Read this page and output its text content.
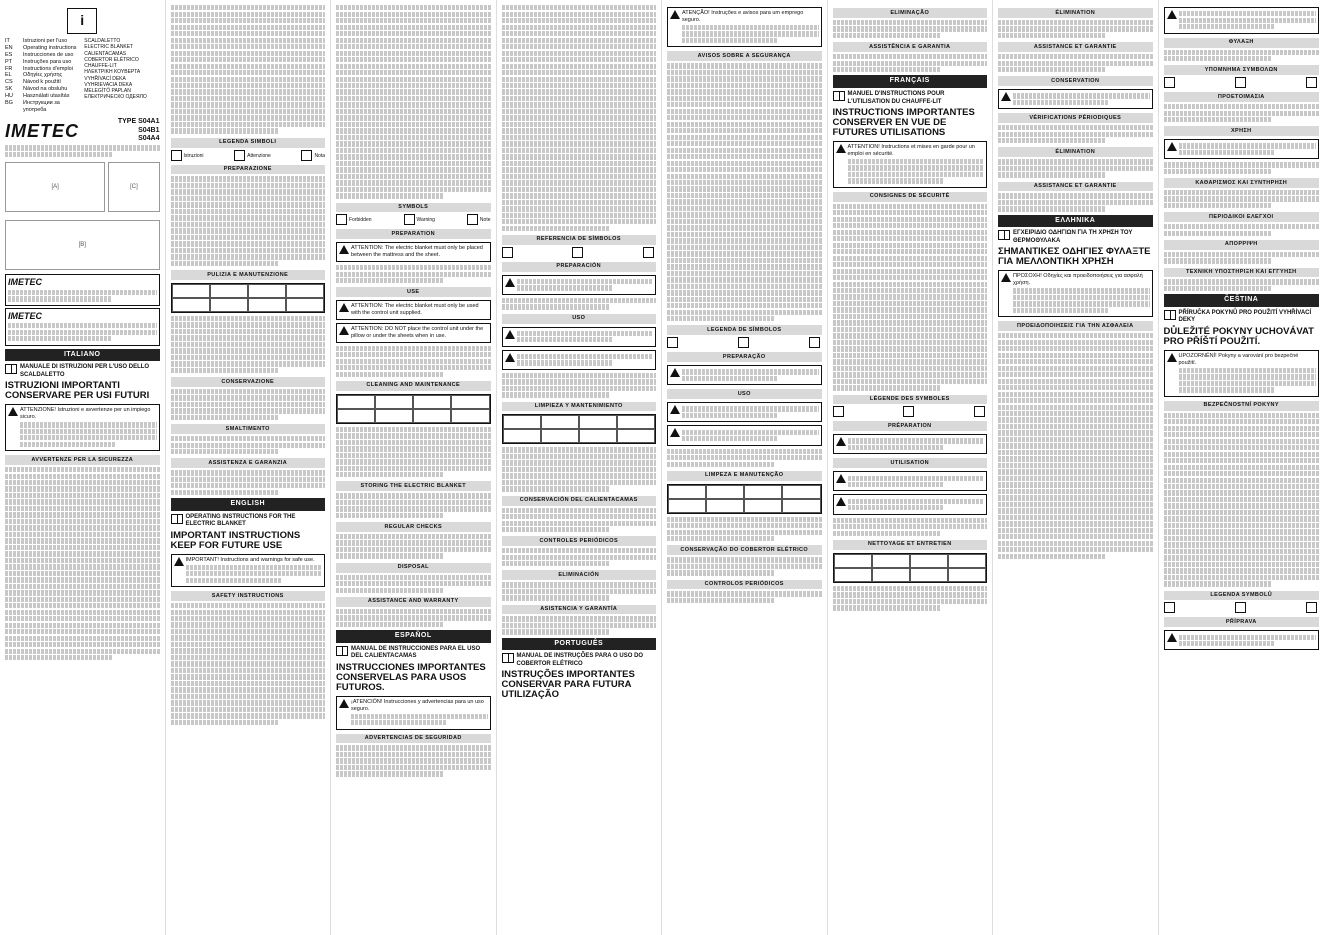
i
IT	Istruzioni per l'uso
EN	Operating instructions
ES	Instrucciones de uso
PT	Instruções para uso
FR	Instructions d'emploi
EL	Οδηγίες χρήσης
CS	Návod k použití
SK	Návod na obsluhu
HU	Használati utasítás
BG	Инструкции за употреба
SCALDALETTO
ELECTRIC BLANKET
CALIENTACAMAS
COBERTOR ELÉTRICO
CHAUFFE-LIT
ΗΛΕΚΤΡΙΚΗ ΚΟΥΒΕΡΤΑ
VYHŘÍVACÍ DEKA
VYHRIEVACIA DEKA
MELEGÍTŐ PAPLAN
ЕЛЕКТРИЧЕСКО ОДЕЯЛО
IMETEC	TYPE S04A1
S04B1
S04A4
[A]	[C]
[B]
IMETEC
IMETEC
ITALIANO
MANUALE DI ISTRUZIONI PER L'USO DELLO SCALDALETTO
ISTRUZIONI IMPORTANTI CONSERVARE PER USI FUTURI
ATTENZIONE! Istruzioni e avvertenze per un impiego sicuro.
AVVERTENZE PER LA SICUREZZA
LEGENDA SIMBOLI
Istruzioni	Attenzione	Nota
PREPARAZIONE
PULIZIA E MANUTENZIONE
CONSERVAZIONE
SMALTIMENTO
ASSISTENZA E GARANZIA
ENGLISH
OPERATING INSTRUCTIONS FOR THE ELECTRIC BLANKET
IMPORTANT INSTRUCTIONS KEEP FOR FUTURE USE
IMPORTANT! Instructions and warnings for safe use.
SAFETY INSTRUCTIONS
SYMBOLS
Forbidden	Warning	Note
PREPARATION
ATTENTION: The electric blanket must only be placed between the mattress and the sheet.
USE
ATTENTION: The electric blanket must only be used with the control unit supplied.
ATTENTION: DO NOT place the control unit under the pillow or under the sheets when in use.
CLEANING AND MAINTENANCE
STORING THE ELECTRIC BLANKET
REGULAR CHECKS
DISPOSAL
ASSISTANCE AND WARRANTY
ESPAÑOL
MANUAL DE INSTRUCCIONES PARA EL USO DEL CALIENTACAMAS
INSTRUCCIONES IMPORTANTES CONSERVELAS PARA USOS FUTUROS.
¡ATENCIÓN! Instrucciones y advertencias para un uso seguro.
ADVERTENCIAS DE SEGURIDAD
REFERENCIA DE SÍMBOLOS
PREPARACIÓN
USO
LIMPIEZA Y MANTENIMIENTO
CONSERVACIÓN DEL CALIENTACAMAS
CONTROLES PERIÓDICOS
ELIMINACIÓN
ASISTENCIA Y GARANTÍA
PORTUGUÊS
MANUAL DE INSTRUÇÕES PARA O USO DO COBERTOR ELÉTRICO
INSTRUÇÕES IMPORTANTES CONSERVAR PARA FUTURA UTILIZAÇÃO
ATENÇÃO! Instruções e avisos para um emprego seguro.
AVISOS SOBRE A SEGURANÇA
LEGENDA DE SÍMBOLOS
PREPARAÇÃO
USO
LIMPEZA E MANUTENÇÃO
CONSERVAÇÃO DO COBERTOR ELÉTRICO
CONTROLOS PERIÓDICOS
ELIMINAÇÃO
ASSISTÊNCIA E GARANTIA
FRANÇAIS
MANUEL D'INSTRUCTIONS POUR L'UTILISATION DU CHAUFFE-LIT
INSTRUCTIONS IMPORTANTES CONSERVER EN VUE DE FUTURES UTILISATIONS
ATTENTION! Instructions et mises en garde pour un emploi en sécurité.
CONSIGNES DE SÉCURITÉ
LÉGENDE DES SYMBOLES
PRÉPARATION
UTILISATION
NETTOYAGE ET ENTRETIEN
ÉLIMINATION
ASSISTANCE ET GARANTIE
CONSERVATION
VÉRIFICATIONS PÉRIODIQUES
ÉLIMINATION
ASSISTANCE ET GARANTIE
ΕΛΛΗΝΙΚΑ
ΕΓΧΕΙΡΙΔΙΟ ΟΔΗΓΙΩΝ ΓΙΑ ΤΗ ΧΡΗΣΗ ΤΟΥ ΘΕΡΜΟΘΥΛΑΚΑ
ΣΗΜΑΝΤΙΚΕΣ ΟΔΗΓΙΕΣ ΦΥΛΑΞΤΕ ΓΙΑ ΜΕΛΛΟΝΤΙΚΗ ΧΡΗΣΗ
ΠΡΟΣΟΧΗ! Οδηγίες και προειδοποιήσεις για ασφαλή χρήση.
ΠΡΟΕΙΔΟΠΟΙΗΣΕΙΣ ΓΙΑ ΤΗΝ ΑΣΦΑΛΕΙΑ
ΦΥΛΑΞΗ
ΥΠΟΜΝΗΜΑ ΣΥΜΒΟΛΩΝ
ΠΡΟΕΤΟΙΜΑΣΙΑ
ΧΡΗΣΗ
ΚΑΘΑΡΙΣΜΟΣ ΚΑΙ ΣΥΝΤΗΡΗΣΗ
ΠΕΡΙΟΔΙΚΟΙ ΕΛΕΓΧΟΙ
ΑΠΟΡΡΙΨΗ
ΤΕΧΝΙΚΗ ΥΠΟΣΤΗΡΙΞΗ ΚΑΙ ΕΓΓΥΗΣΗ
ČEŠTINA
PŘÍRUČKA POKYNŮ PRO POUŽITÍ VYHŘÍVACÍ DEKY
DŮLEŽITÉ POKYNY UCHOVÁVAT PRO PŘÍŠTÍ POUŽITÍ.
UPOZORNĚNÍ! Pokyny a varování pro bezpečné použití.
BEZPEČNOSTNÍ POKYNY
LEGENDA SYMBOLŮ
PŘÍPRAVA
